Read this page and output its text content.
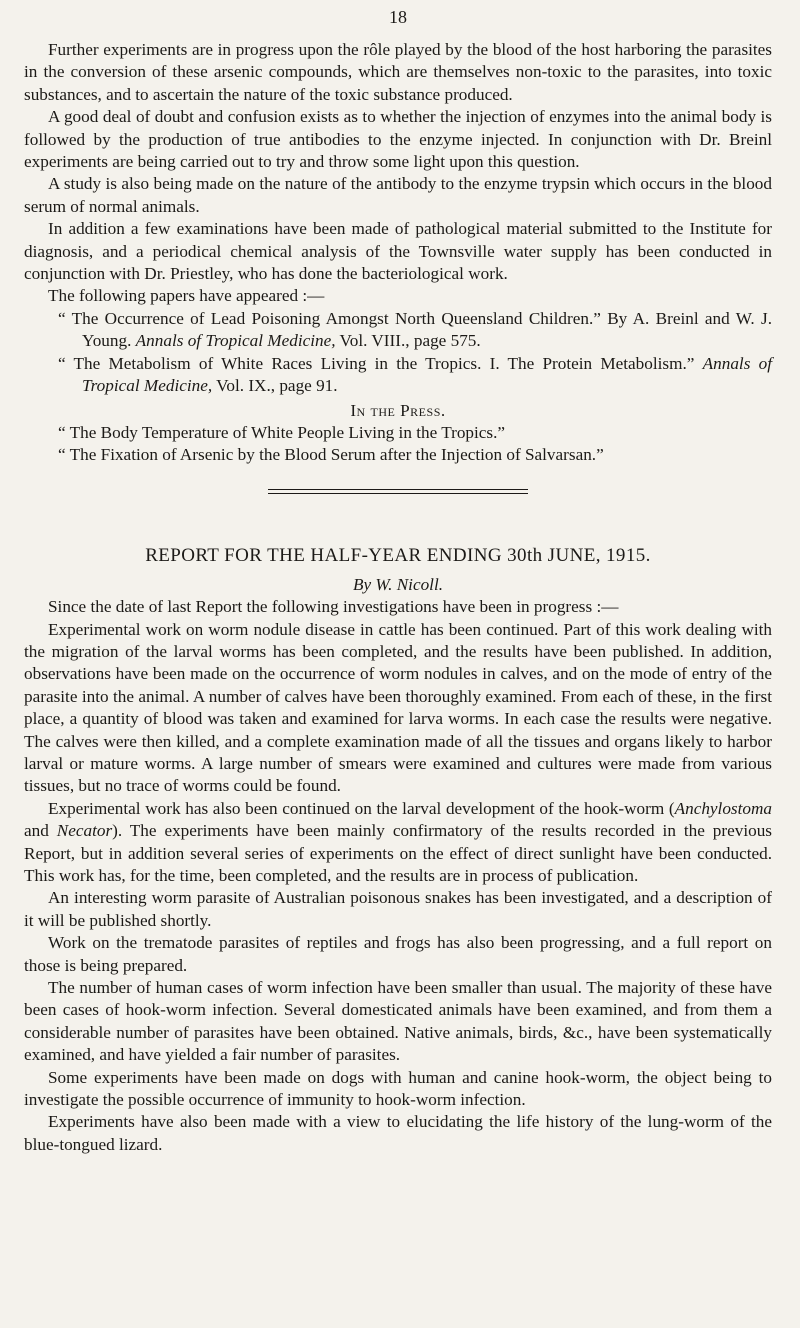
18

Further experiments are in progress upon the rôle played by the blood of the host harboring the parasites in the conversion of these arsenic compounds, which are themselves non-toxic to the parasites, into toxic substances, and to ascertain the nature of the toxic substance produced.

A good deal of doubt and confusion exists as to whether the injection of enzymes into the animal body is followed by the production of true antibodies to the enzyme injected. In conjunction with Dr. Breinl experiments are being carried out to try and throw some light upon this question.

A study is also being made on the nature of the antibody to the enzyme trypsin which occurs in the blood serum of normal animals.

In addition a few examinations have been made of pathological material submitted to the Institute for diagnosis, and a periodical chemical analysis of the Townsville water supply has been conducted in conjunction with Dr. Priestley, who has done the bacteriological work.

The following papers have appeared :—

“ The Occurrence of Lead Poisoning Amongst North Queensland Children.” By A. Breinl and W. J. Young. Annals of Tropical Medicine, Vol. VIII., page 575.

“ The Metabolism of White Races Living in the Tropics. I. The Protein Metabolism.” Annals of Tropical Medicine, Vol. IX., page 91.

In the Press.

“ The Body Temperature of White People Living in the Tropics.”

“ The Fixation of Arsenic by the Blood Serum after the Injection of Salvarsan.”

REPORT FOR THE HALF-YEAR ENDING 30th JUNE, 1915.

By W. Nicoll.

Since the date of last Report the following investigations have been in progress :—

Experimental work on worm nodule disease in cattle has been continued. Part of this work dealing with the migration of the larval worms has been completed, and the results have been published. In addition, observations have been made on the occurrence of worm nodules in calves, and on the mode of entry of the parasite into the animal. A number of calves have been thoroughly examined. From each of these, in the first place, a quantity of blood was taken and examined for larva worms. In each case the results were negative. The calves were then killed, and a complete examination made of all the tissues and organs likely to harbor larval or mature worms. A large number of smears were examined and cultures were made from various tissues, but no trace of worms could be found.

Experimental work has also been continued on the larval development of the hook-worm (Anchylostoma and Necator). The experiments have been mainly confirmatory of the results recorded in the previous Report, but in addition several series of experiments on the effect of direct sunlight have been conducted. This work has, for the time, been completed, and the results are in process of publication.

An interesting worm parasite of Australian poisonous snakes has been investigated, and a description of it will be published shortly.

Work on the trematode parasites of reptiles and frogs has also been progressing, and a full report on those is being prepared.

The number of human cases of worm infection have been smaller than usual. The majority of these have been cases of hook-worm infection. Several domesticated animals have been examined, and from them a considerable number of parasites have been obtained. Native animals, birds, &c., have been systematically examined, and have yielded a fair number of parasites.

Some experiments have been made on dogs with human and canine hook-worm, the object being to investigate the possible occurrence of immunity to hook-worm infection.

Experiments have also been made with a view to elucidating the life history of the lung-worm of the blue-tongued lizard.
